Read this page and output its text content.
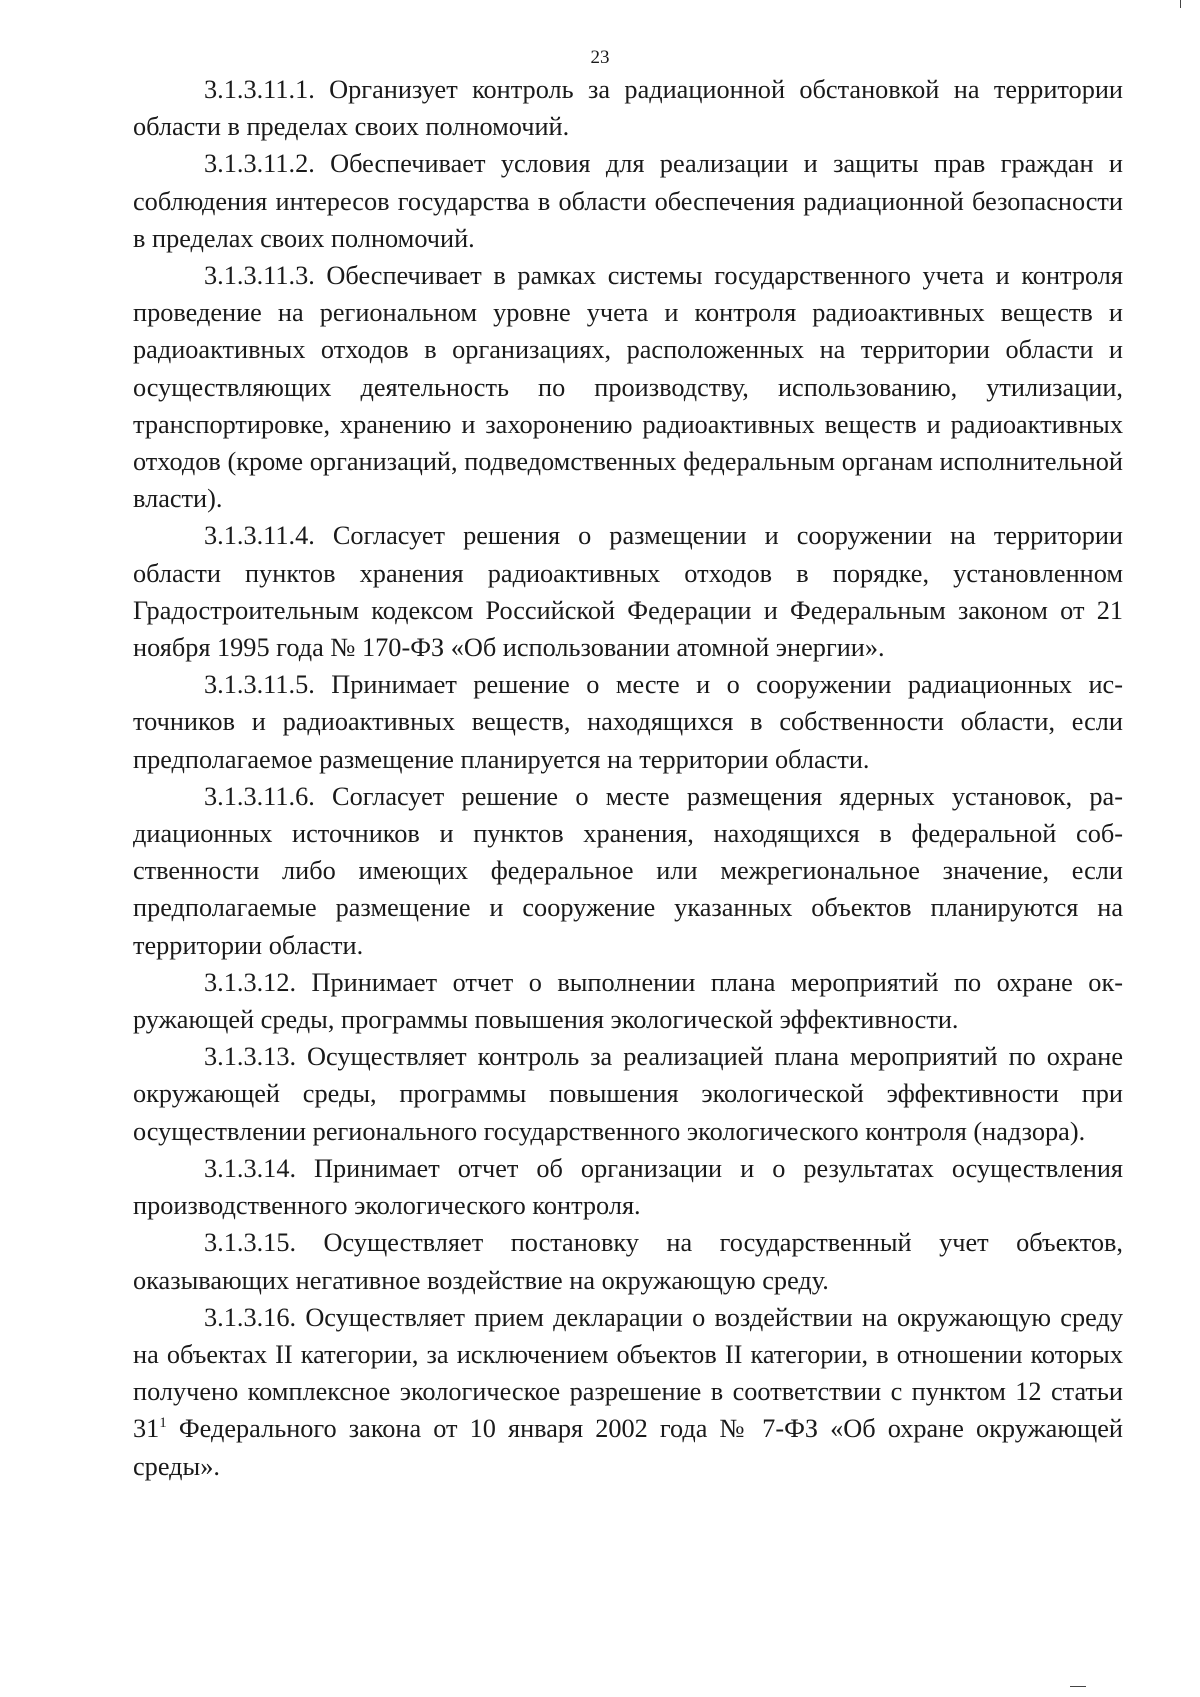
23

3.1.3.11.1. Организует контроль за радиационной обстановкой на территории области в пределах своих полномочий.

3.1.3.11.2. Обеспечивает условия для реализации и защиты прав граждан и соблюдения интересов государства в области обеспечения радиационной безопасности в пределах своих полномочий.

3.1.3.11.3. Обеспечивает в рамках системы государственного учета и контроля проведение на региональном уровне учета и контроля радиоактивных веществ и радиоактивных отходов в организациях, расположенных на территории области и осуществляющих деятельность по производству, использованию, утилизации, транспортировке, хранению и захоронению радиоактивных веществ и радиоактивных отходов (кроме организаций, подведомственных федеральным органам исполнительной власти).

3.1.3.11.4. Согласует решения о размещении и сооружении на территории области пунктов хранения радиоактивных отходов в порядке, установленном Градостроительным кодексом Российской Федерации и Федеральным законом от 21 ноября 1995 года № 170-ФЗ «Об использовании атомной энергии».

3.1.3.11.5. Принимает решение о месте и о сооружении радиационных источников и радиоактивных веществ, находящихся в собственности области, если предполагаемое размещение планируется на территории области.

3.1.3.11.6. Согласует решение о месте размещения ядерных установок, радиационных источников и пунктов хранения, находящихся в федеральной собственности либо имеющих федеральное или межрегиональное значение, если предполагаемые размещение и сооружение указанных объектов планируются на территории области.

3.1.3.12. Принимает отчет о выполнении плана мероприятий по охране окружающей среды, программы повышения экологической эффективности.

3.1.3.13. Осуществляет контроль за реализацией плана мероприятий по охране окружающей среды, программы повышения экологической эффективности при осуществлении регионального государственного экологического контроля (надзора).

3.1.3.14. Принимает отчет об организации и о результатах осуществления производственного экологического контроля.

3.1.3.15. Осуществляет постановку на государственный учет объектов, оказывающих негативное воздействие на окружающую среду.

3.1.3.16. Осуществляет прием декларации о воздействии на окружающую среду на объектах II категории, за исключением объектов II категории, в отношении которых получено комплексное экологическое разрешение в соответствии с пунктом 12 статьи $31^1$ Федерального закона от 10 января 2002 года № 7-ФЗ «Об охране окружающей среды».
